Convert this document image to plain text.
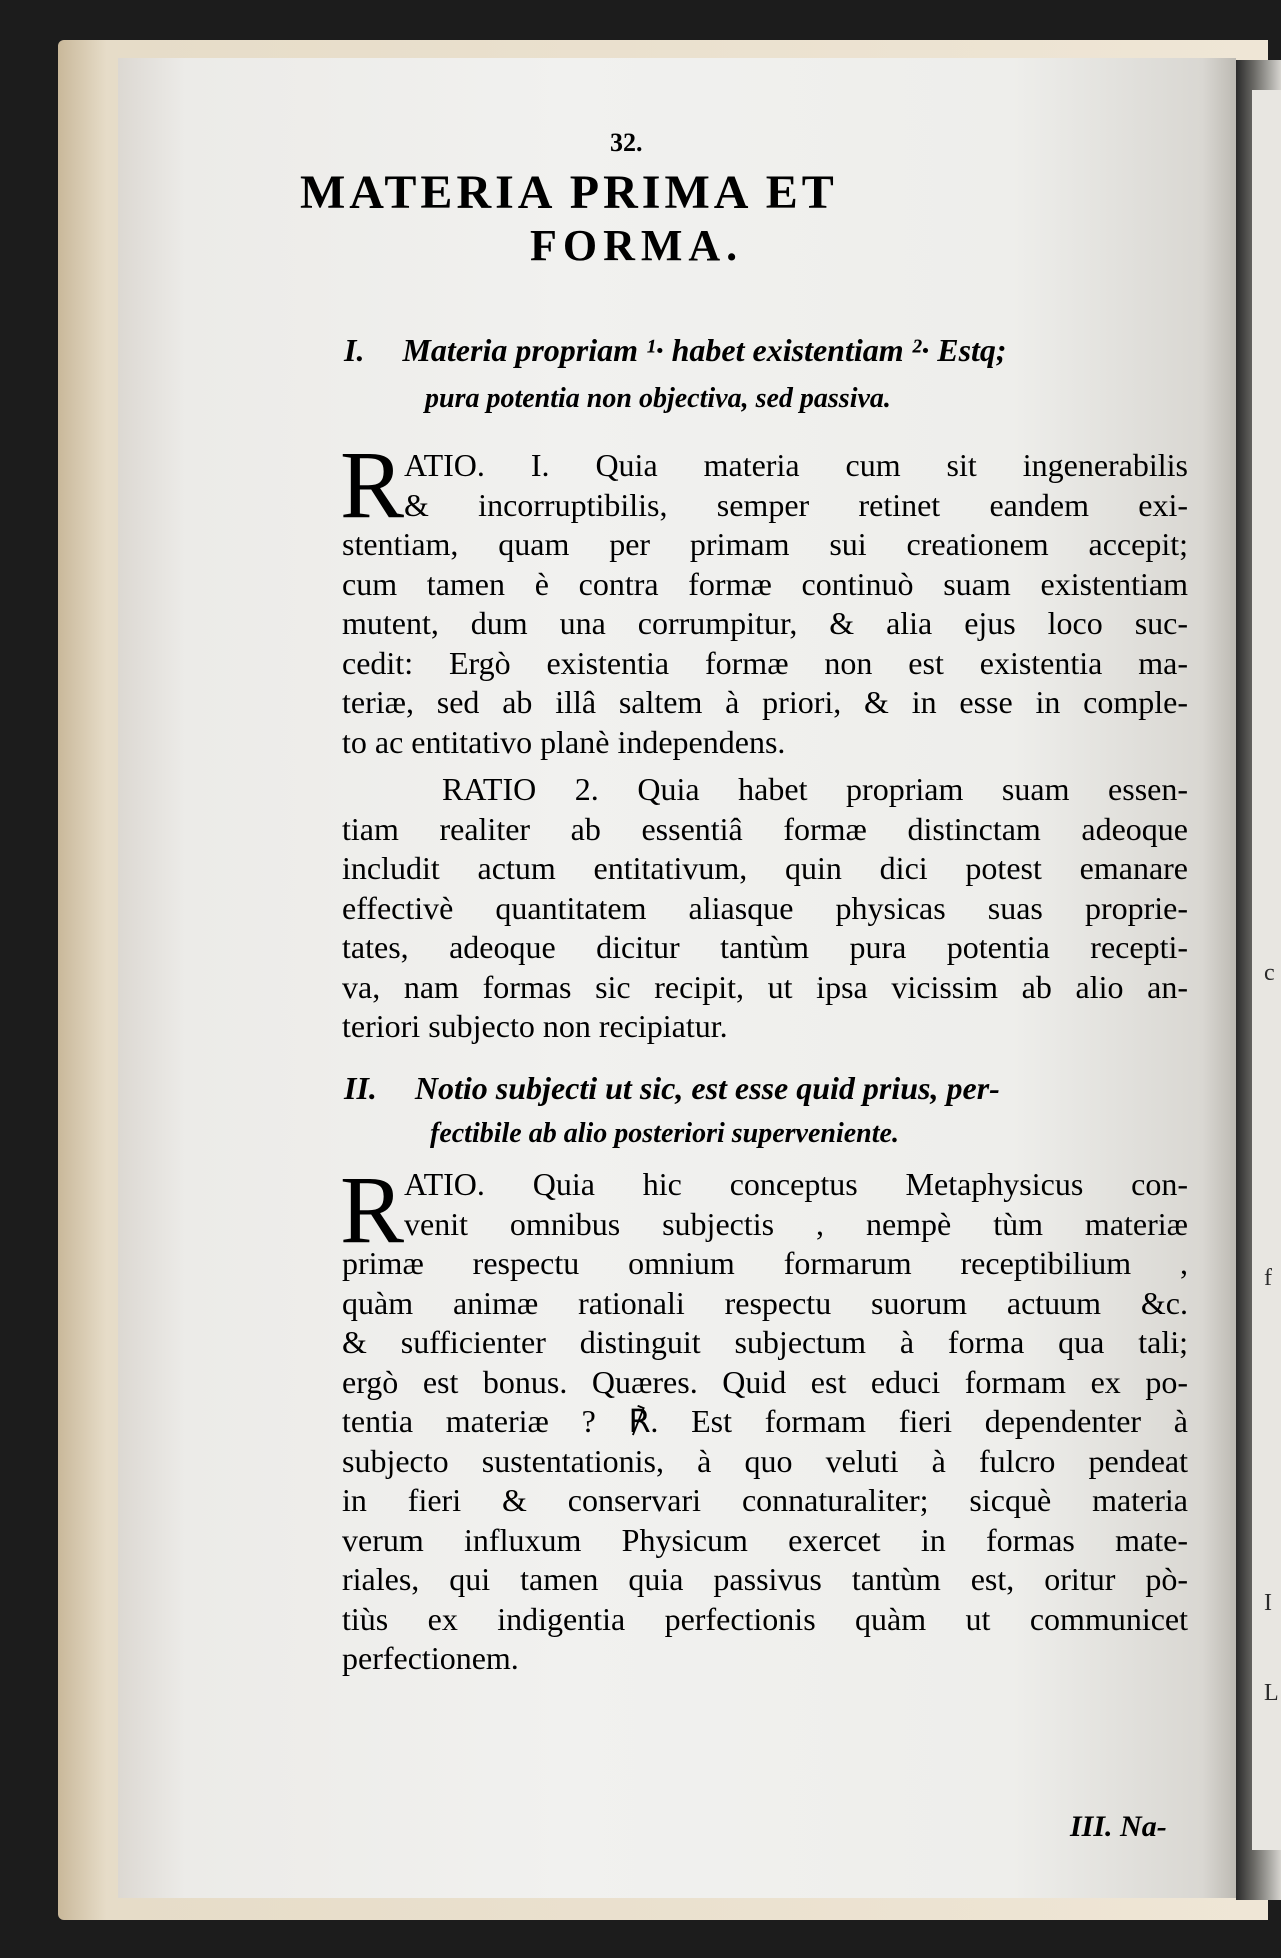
c
f
I
L
32.
MATERIA PRIMA ET
FORMA.
I. Materia propriam ¹· habet existentiam ²· Estq;
pura potentia non objectiva, sed passiva.
R ATIO. I. Quia materia cum sit ingenerabilis
& incorruptibilis, semper retinet eandem exi-
stentiam, quam per primam sui creationem accepit;
cum tamen è contra formæ continuò suam existentiam
mutent, dum una corrumpitur, & alia ejus loco suc-
cedit: Ergò existentia formæ non est existentia ma-
teriæ, sed ab illâ saltem à priori, & in esse in comple-
to ac entitativo planè independens.
RATIO 2. Quia habet propriam suam essen-
tiam realiter ab essentiâ formæ distinctam adeoque
includit actum entitativum, quin dici potest emanare
effectivè quantitatem aliasque physicas suas proprie-
tates, adeoque dicitur tantùm pura potentia recepti-
va, nam formas sic recipit, ut ipsa vicissim ab alio an-
teriori subjecto non recipiatur.
II. Notio subjecti ut sic, est esse quid prius, per-
fectibile ab alio posteriori superveniente.
R ATIO. Quia hic conceptus Metaphysicus con-
venit omnibus subjectis , nempè tùm materiæ
primæ respectu omnium formarum receptibilium ,
quàm animæ rationali respectu suorum actuum &c.
& sufficienter distinguit subjectum à forma qua tali;
ergò est bonus. Quæres. Quid est educi formam ex po-
tentia materiæ ? ℟. Est formam fieri dependenter à
subjecto sustentationis, à quo veluti à fulcro pendeat
in fieri & conservari connaturaliter; sicquè materia
verum influxum Physicum exercet in formas mate-
riales, qui tamen quia passivus tantùm est, oritur pò-
tiùs ex indigentia perfectionis quàm ut communicet
perfectionem.
III. Na-
